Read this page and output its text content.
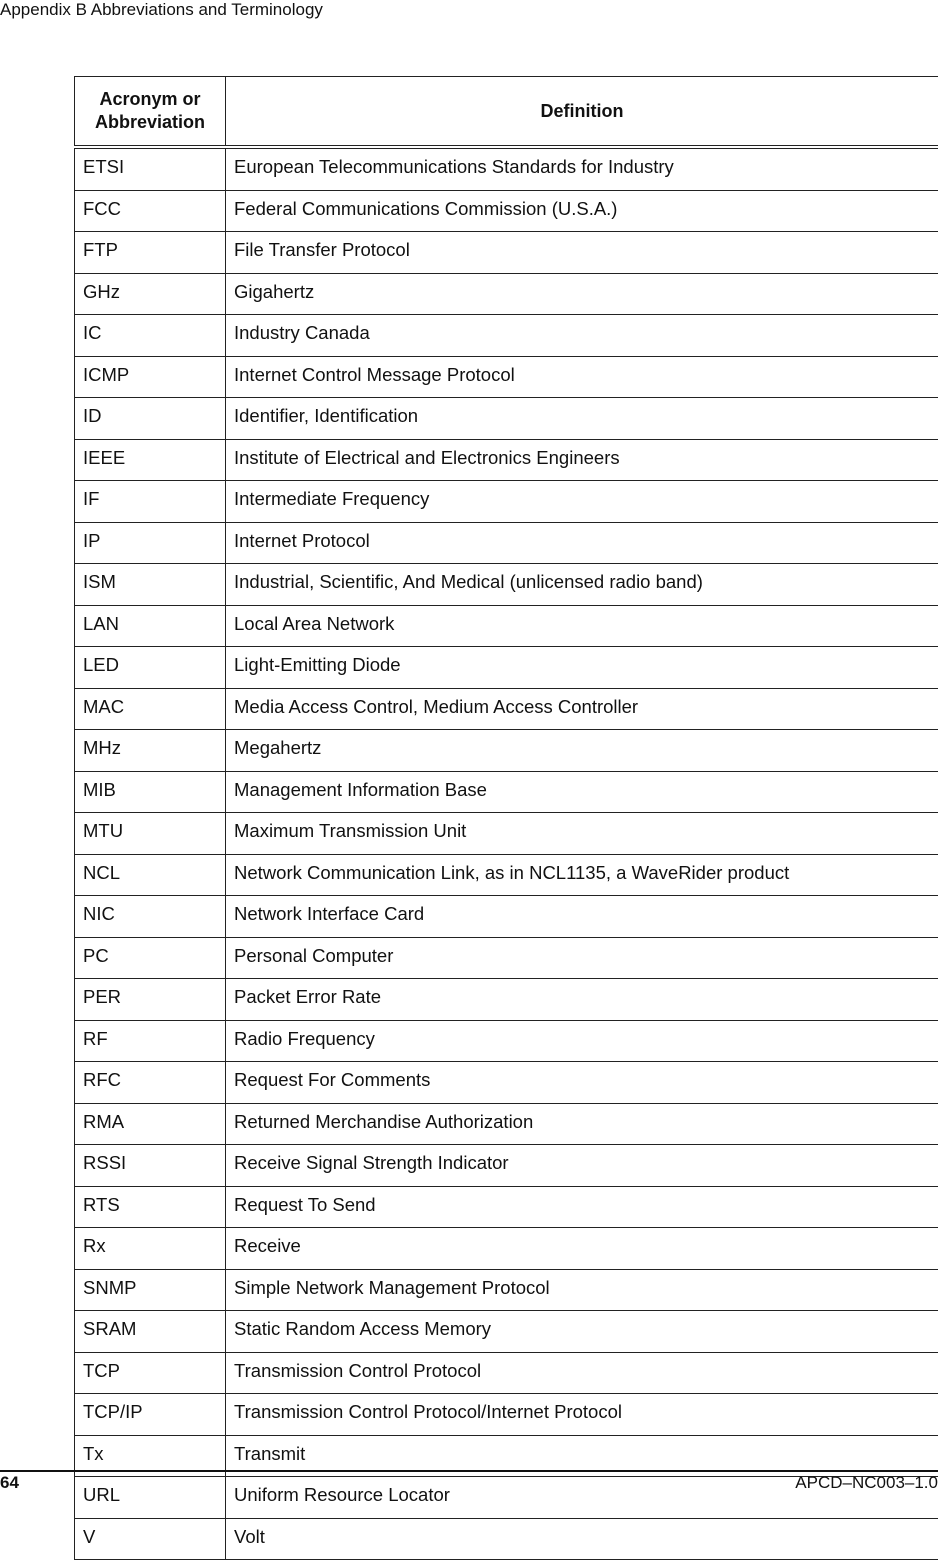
Appendix B Abbreviations and Terminology
Acronym or
Abbreviation	Definition
ETSI	European Telecommunications Standards for Industry
FCC	Federal Communications Commission (U.S.A.)
FTP	File Transfer Protocol
GHz	Gigahertz
IC	Industry Canada
ICMP	Internet Control Message Protocol
ID	Identifier, Identification
IEEE	Institute of Electrical and Electronics Engineers
IF	Intermediate Frequency
IP	Internet Protocol
ISM	Industrial, Scientific, And Medical (unlicensed radio band)
LAN	Local Area Network
LED	Light-Emitting Diode
MAC	Media Access Control, Medium Access Controller
MHz	Megahertz
MIB	Management Information Base
MTU	Maximum Transmission Unit
NCL	Network Communication Link, as in NCL1135, a WaveRider product
NIC	Network Interface Card
PC	Personal Computer
PER	Packet Error Rate
RF	Radio Frequency
RFC	Request For Comments
RMA	Returned Merchandise Authorization
RSSI	Receive Signal Strength Indicator
RTS	Request To Send
Rx	Receive
SNMP	Simple Network Management Protocol
SRAM	Static Random Access Memory
TCP	Transmission Control Protocol
TCP/IP	Transmission Control Protocol/Internet Protocol
Tx	Transmit
URL	Uniform Resource Locator
V	Volt
64	APCD–NC003–1.0
